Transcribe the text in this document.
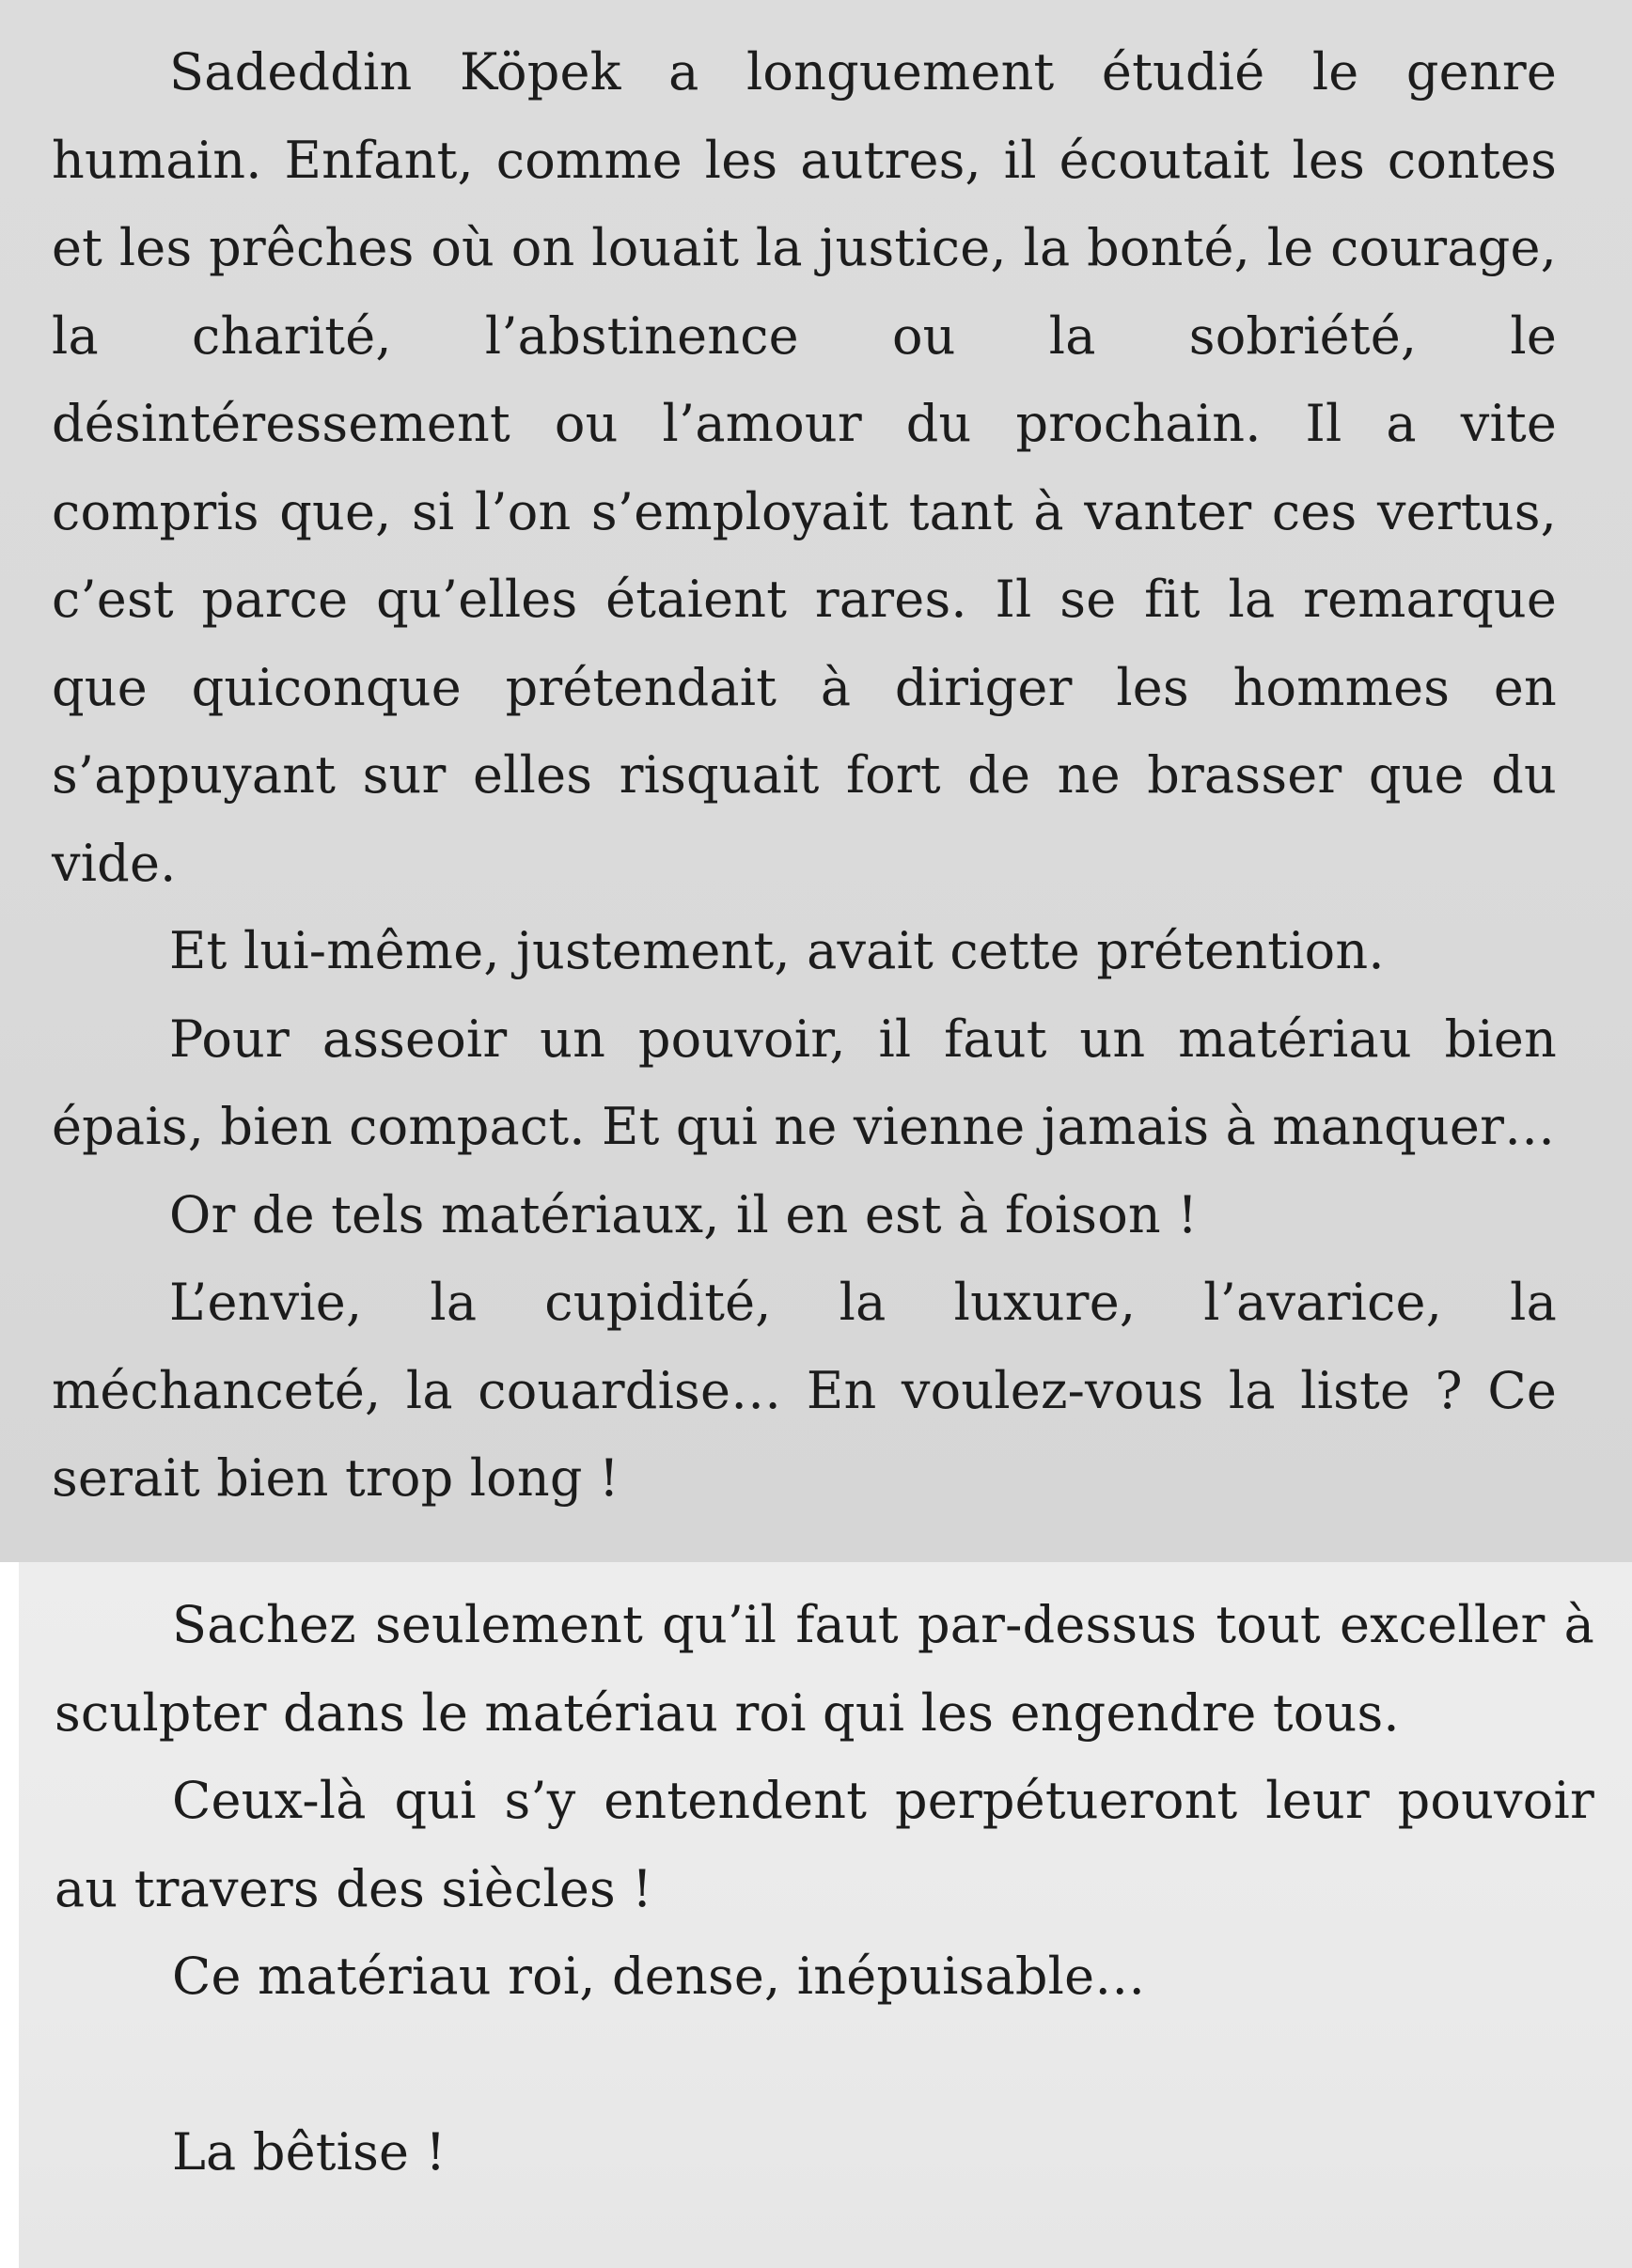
Sadeddin Köpek a longuement étudié le genre humain. Enfant, comme les autres, il écoutait les contes et les prêches où on louait la justice, la bonté, le courage, la charité, l’abstinence ou la sobriété, le désintéressement ou l’amour du prochain. Il a vite compris que, si l’on s’employait tant à vanter ces vertus, c’est parce qu’elles étaient rares. Il se fit la remarque que quiconque prétendait à diriger les hommes en s’appuyant sur elles risquait fort de ne brasser que du vide.

Et lui-même, justement, avait cette prétention.

Pour asseoir un pouvoir, il faut un matériau bien épais, bien compact. Et qui ne vienne jamais à manquer…

Or de tels matériaux, il en est à foison !

L’envie, la cupidité, la luxure, l’avarice, la méchanceté, la couardise… En voulez-vous la liste ? Ce serait bien trop long !

Sachez seulement qu’il faut par-dessus tout exceller à sculpter dans le matériau roi qui les engendre tous.

Ceux-là qui s’y entendent perpétueront leur pouvoir au travers des siècles !

Ce matériau roi, dense, inépuisable…

La bêtise !
